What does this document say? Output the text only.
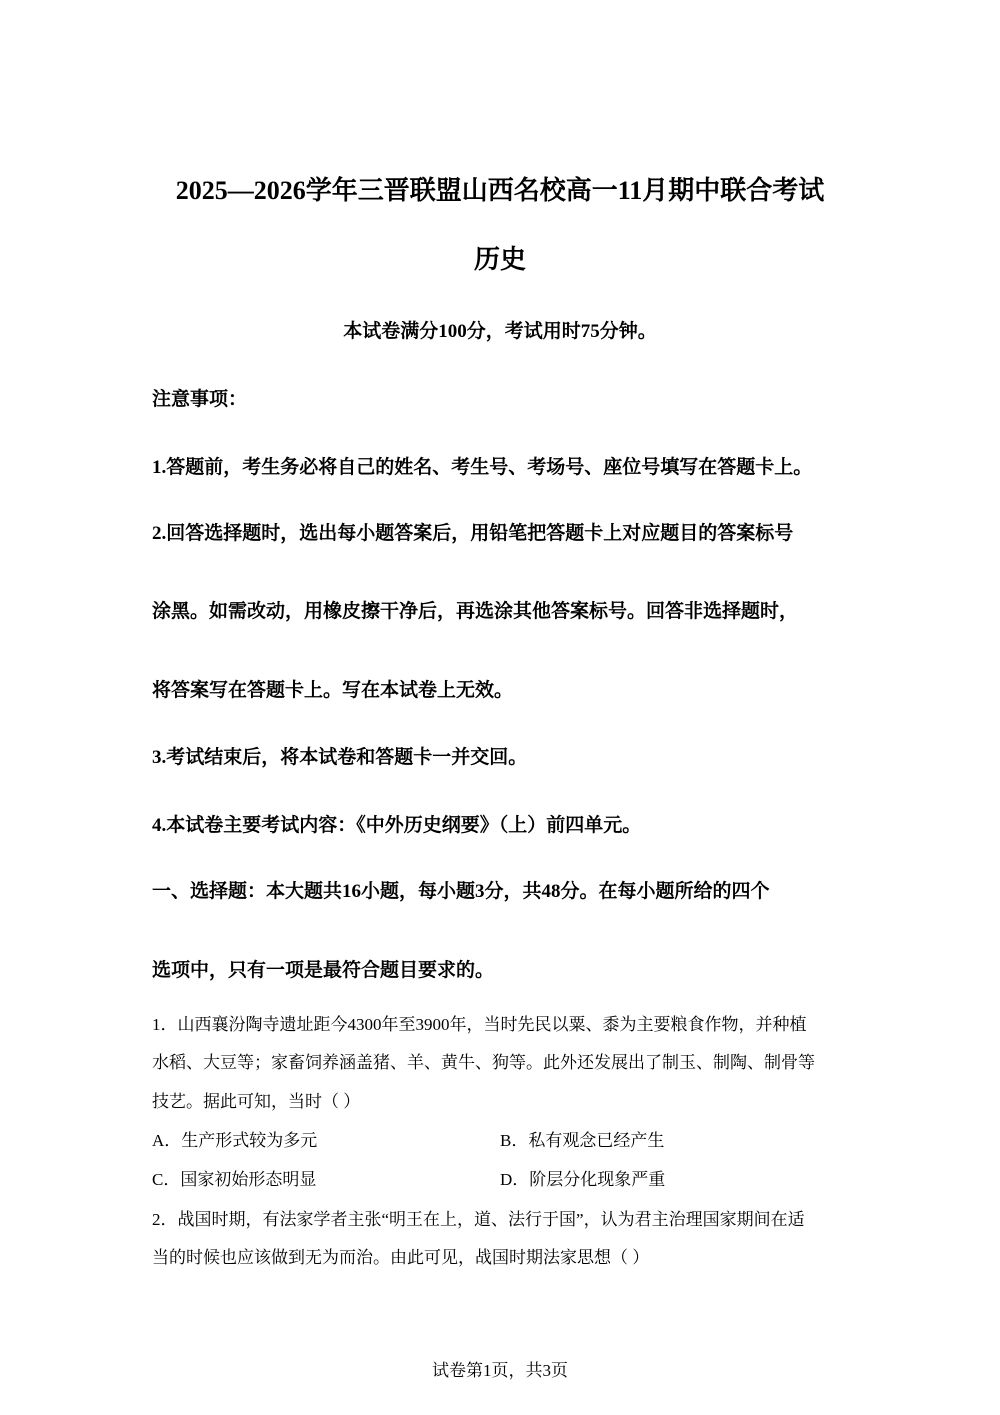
2025—2026学年三晋联盟山西名校高一11月期中联合考试
历史
本试卷满分100分，考试用时75分钟。
注意事项：
1.答题前，考生务必将自己的姓名、考生号、考场号、座位号填写在答题卡上。
2.回答选择题时，选出每小题答案后，用铅笔把答题卡上对应题目的答案标号
涂黑。如需改动，用橡皮擦干净后，再选涂其他答案标号。回答非选择题时，
将答案写在答题卡上。写在本试卷上无效。
3.考试结束后，将本试卷和答题卡一并交回。
4.本试卷主要考试内容：《中外历史纲要》（上）前四单元。
一、选择题：本大题共16小题，每小题3分，共48分。在每小题所给的四个
选项中，只有一项是最符合题目要求的。
1．山西襄汾陶寺遗址距今4300年至3900年，当时先民以粟、黍为主要粮食作物，并种植
水稻、大豆等；家畜饲养涵盖猪、羊、黄牛、狗等。此外还发展出了制玉、制陶、制骨等
技艺。据此可知，当时（ ）
A．生产形式较为多元	B．私有观念已经产生
C．国家初始形态明显	D．阶层分化现象严重
2．战国时期，有法家学者主张“明王在上，道、法行于国”，认为君主治理国家期间在适
当的时候也应该做到无为而治。由此可见，战国时期法家思想（ ）
试卷第1页，共3页
